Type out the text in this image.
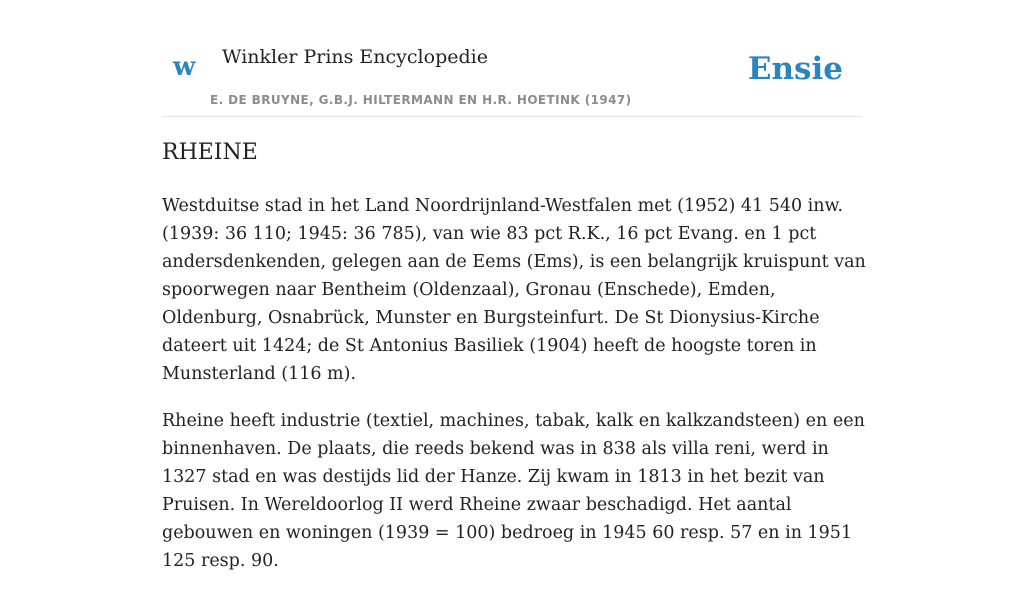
w Winkler Prins Encyclopedie
E. DE BRUYNE, G.B.J. HILTERMANN EN H.R. HOETINK (1947)
Ensie
RHEINE

Westduitse stad in het Land Noordrijnland-Westfalen met (1952) 41 540 inw. (1939: 36 110; 1945: 36 785), van wie 83 pct R.K., 16 pct Evang. en 1 pct andersdenkenden, gelegen aan de Eems (Ems), is een belangrijk kruispunt van spoorwegen naar Bentheim (Oldenzaal), Gronau (Enschede), Emden, Oldenburg, Osnabrück, Munster en Burgsteinfurt. De St Dionysius-Kirche dateert uit 1424; de St Antonius Basiliek (1904) heeft de hoogste toren in Munsterland (116 m).

Rheine heeft industrie (textiel, machines, tabak, kalk en kalkzandsteen) en een binnenhaven. De plaats, die reeds bekend was in 838 als villa reni, werd in 1327 stad en was destijds lid der Hanze. Zij kwam in 1813 in het bezit van Pruisen. In Wereldoorlog II werd Rheine zwaar beschadigd. Het aantal gebouwen en woningen (1939 = 100) bedroeg in 1945 60 resp. 57 en in 1951 125 resp. 90.
